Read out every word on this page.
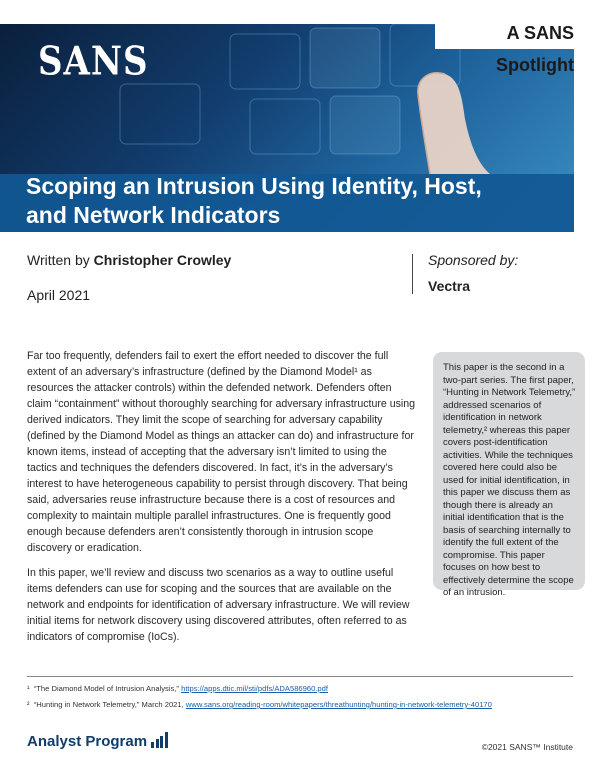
SANS
A SANS Spotlight
Scoping an Intrusion Using Identity, Host, and Network Indicators
Written by Christopher Crowley
April 2021
Sponsored by:
Vectra

Far too frequently, defenders fail to exert the effort needed to discover the full extent of an adversary’s infrastructure (defined by the Diamond Model¹ as resources the attacker controls) within the defended network. Defenders often claim “containment” without thoroughly searching for adversary infrastructure using derived indicators. They limit the scope of searching for adversary capability (defined by the Diamond Model as things an attacker can do) and infrastructure for known items, instead of accepting that the adversary isn’t limited to using the tactics and techniques the defenders discovered. In fact, it’s in the adversary’s interest to have heterogeneous capability to persist through discovery. That being said, adversaries reuse infrastructure because there is a cost of resources and complexity to maintain multiple parallel infrastructures. One is frequently good enough because defenders aren’t consistently thorough in intrusion scope discovery or eradication.

In this paper, we’ll review and discuss two scenarios as a way to outline useful items defenders can use for scoping and the sources that are available on the network and endpoints for identification of adversary infrastructure. We will review initial items for network discovery using discovered attributes, often referred to as indicators of compromise (IoCs).

This paper is the second in a two-part series. The first paper, “Hunting in Network Telemetry,” addressed scenarios of identification in network telemetry,² whereas this paper covers post-identification activities. While the techniques covered here could also be used for initial identification, in this paper we discuss them as though there is already an initial identification that is the basis of searching internally to identify the full extent of the compromise. This paper focuses on how best to effectively determine the scope of an intrusion.

¹ “The Diamond Model of Intrusion Analysis,” https://apps.dtic.mil/sti/pdfs/ADA586960.pdf
² “Hunting in Network Telemetry,” March 2021, www.sans.org/reading-room/whitepapers/threathunting/hunting-in-network-telemetry-40170
Analyst Program	©2021 SANS™ Institute
